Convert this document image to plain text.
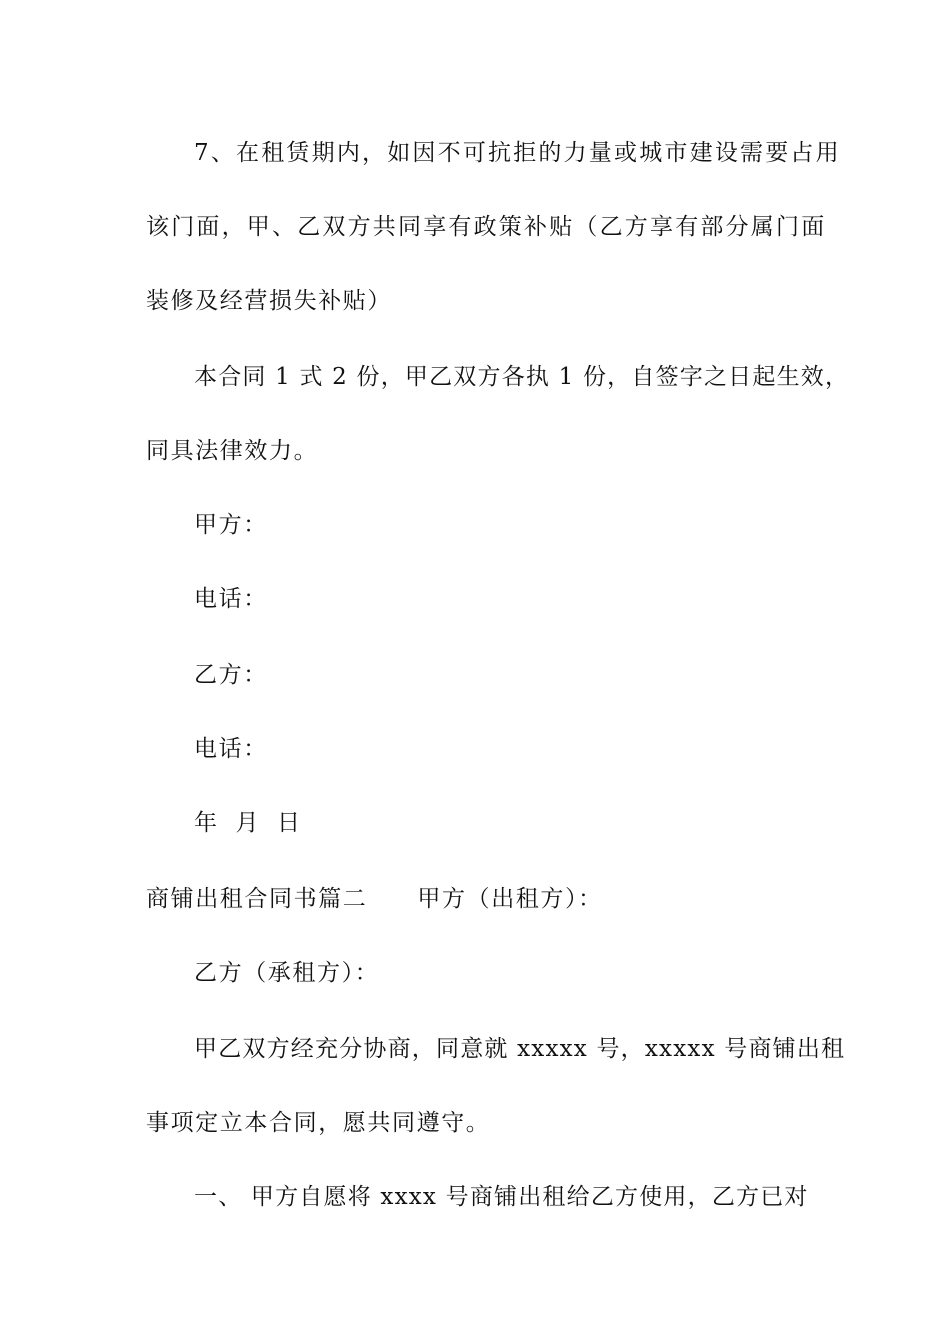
7、在租赁期内，如因不可抗拒的力量或城市建设需要占用
该门面，甲、乙双方共同享有政策补贴（乙方享有部分属门面
装修及经营损失补贴）
本合同 1 式 2 份，甲乙双方各执 1 份，自签字之日起生效，
同具法律效力。
甲方：
电话：
乙方：
电话：
年 月 日
商铺出租合同书篇二 甲方（出租方）：
乙方（承租方）：
甲乙双方经充分协商，同意就 xxxxx 号，xxxxx 号商铺出租
事项定立本合同，愿共同遵守。
一、 甲方自愿将 xxxx 号商铺出租给乙方使用，乙方已对
